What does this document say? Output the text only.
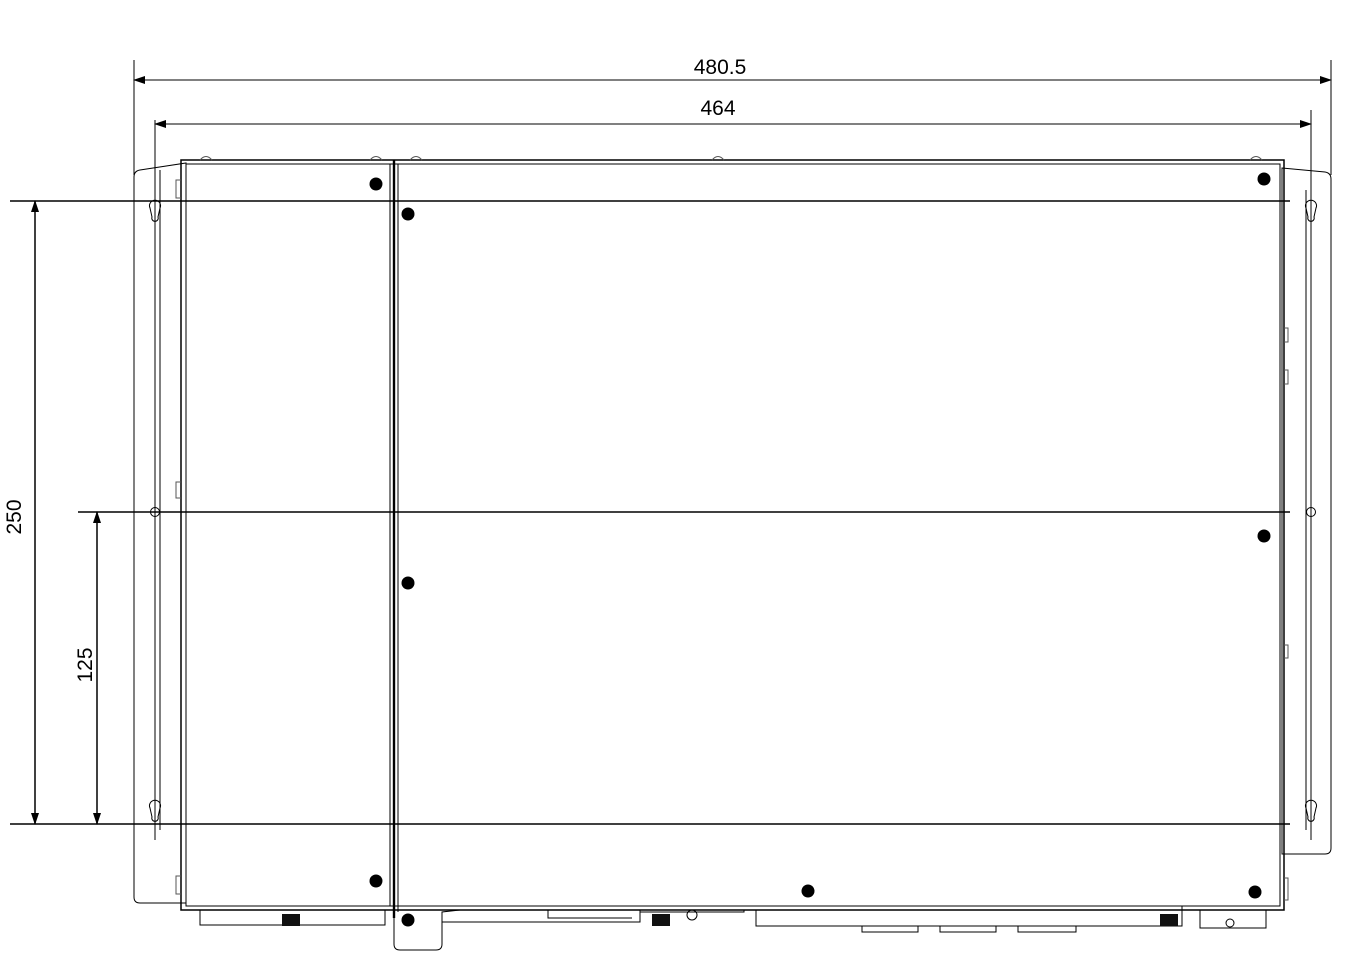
480.5
464
250
125
